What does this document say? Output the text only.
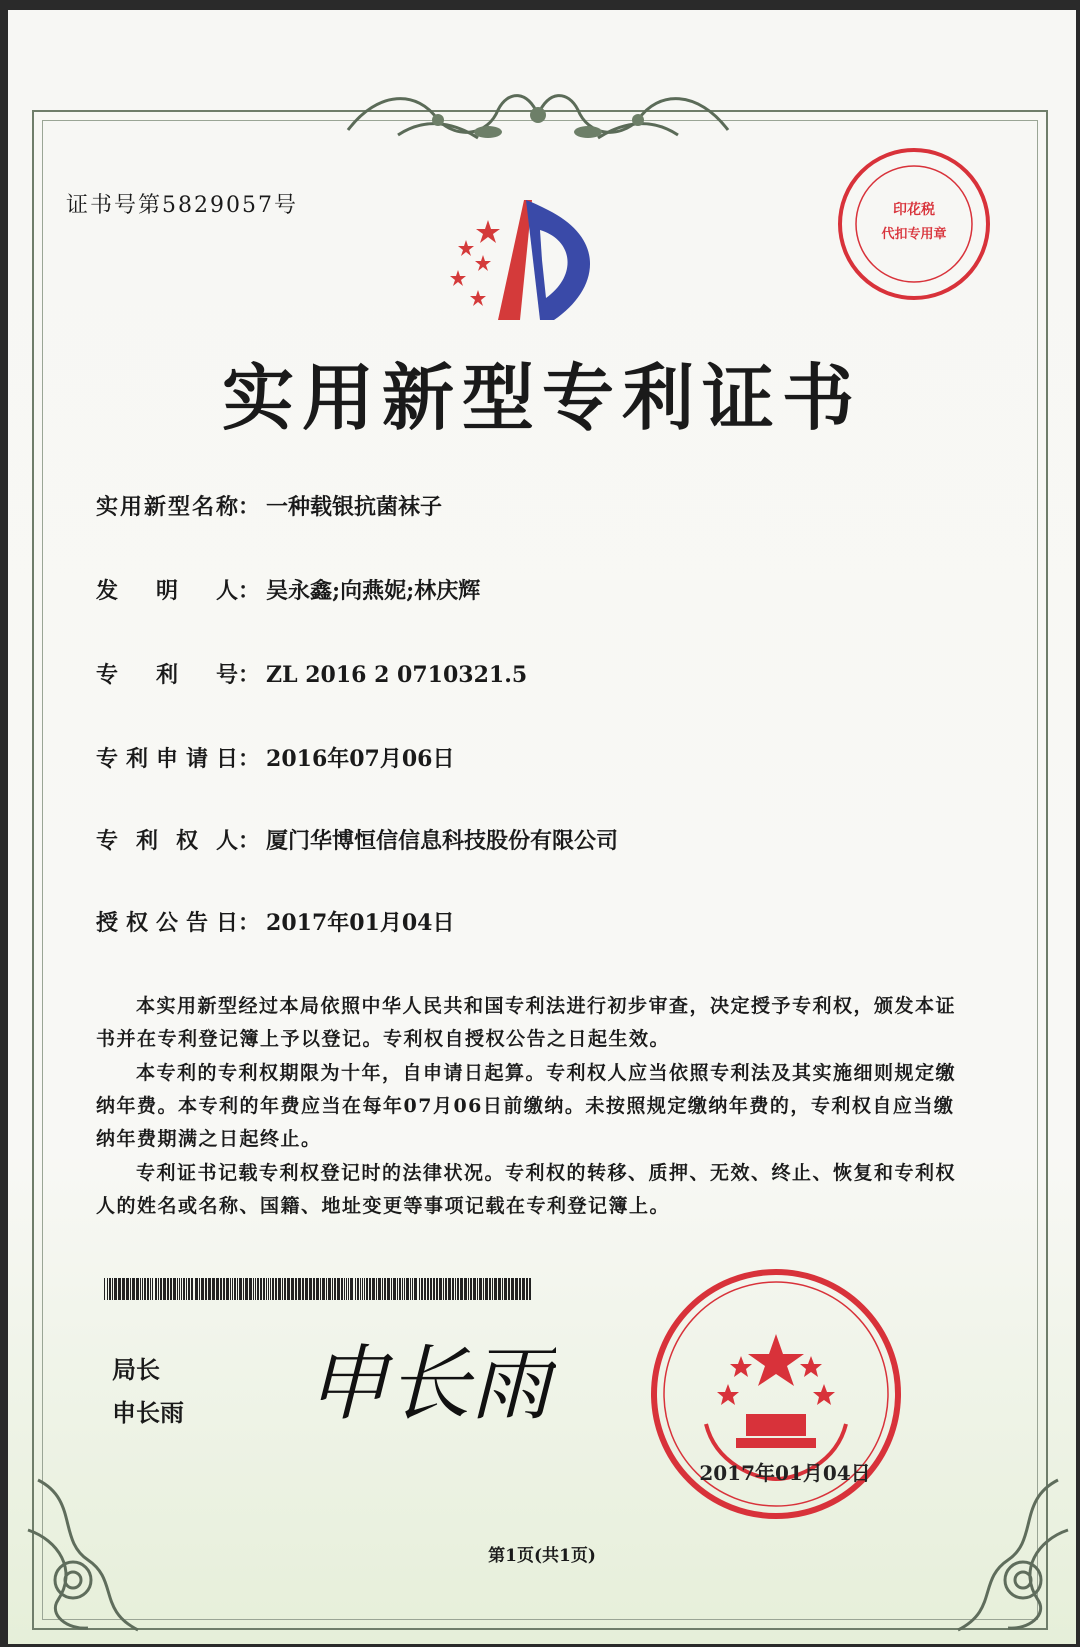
证书号第5829057号	印花税
代扣专用章
实用新型专利证书
实用新型名称： 一种载银抗菌袜子
发明人： 吴永鑫;向燕妮;林庆辉
专利号： ZL 2016 2 0710321.5
专利申请日： 2016年07月06日
专利权人： 厦门华博恒信信息科技股份有限公司
授权公告日： 2017年01月04日

本实用新型经过本局依照中华人民共和国专利法进行初步审查，决定授予专利权，颁发本证书并在专利登记簿上予以登记。专利权自授权公告之日起生效。

本专利的专利权期限为十年，自申请日起算。专利权人应当依照专利法及其实施细则规定缴纳年费。本专利的年费应当在每年07月06日前缴纳。未按照规定缴纳年费的，专利权自应当缴纳年费期满之日起终止。

专利证书记载专利权登记时的法律状况。专利权的转移、质押、无效、终止、恢复和专利权人的姓名或名称、国籍、地址变更等事项记载在专利登记簿上。

局长
申长雨 申长雨
2017年01月04日
第1页(共1页)
